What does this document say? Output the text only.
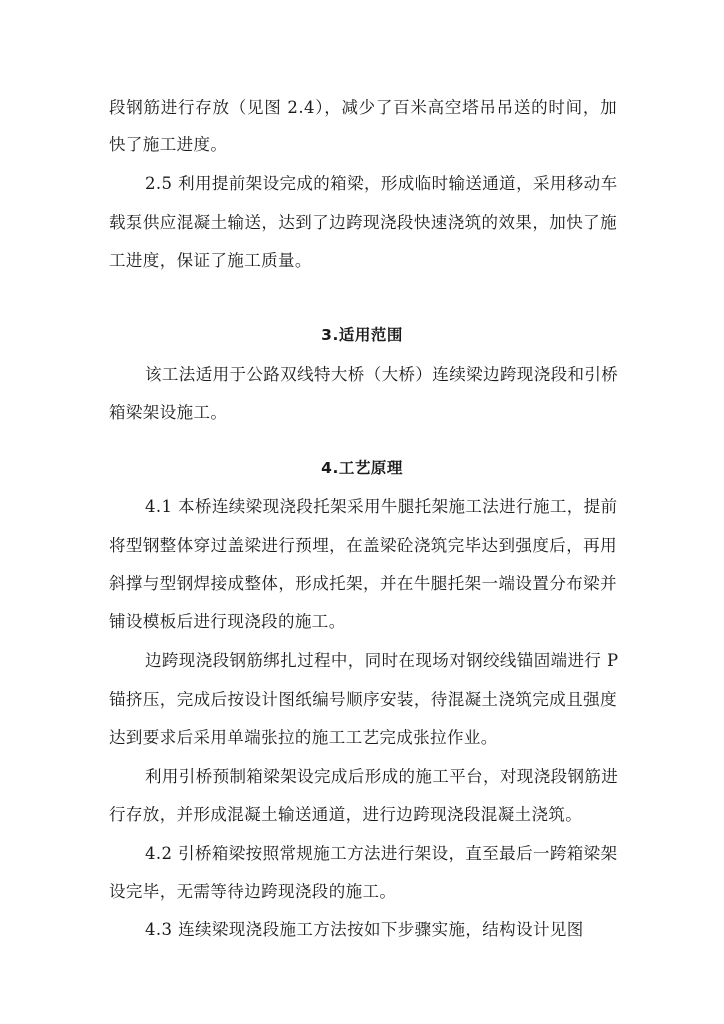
段钢筋进行存放（见图 2.4），减少了百米高空塔吊吊送的时间，加
快了施工进度。
2.5 利用提前架设完成的箱梁，形成临时输送通道，采用移动车
载泵供应混凝土输送，达到了边跨现浇段快速浇筑的效果，加快了施
工进度，保证了施工质量。
3.适用范围
该工法适用于公路双线特大桥（大桥）连续梁边跨现浇段和引桥
箱梁架设施工。
4.工艺原理
4.1 本桥连续梁现浇段托架采用牛腿托架施工法进行施工，提前
将型钢整体穿过盖梁进行预埋，在盖梁砼浇筑完毕达到强度后，再用
斜撑与型钢焊接成整体，形成托架，并在牛腿托架一端设置分布梁并
铺设模板后进行现浇段的施工。
边跨现浇段钢筋绑扎过程中，同时在现场对钢绞线锚固端进行 P
锚挤压，完成后按设计图纸编号顺序安装，待混凝土浇筑完成且强度
达到要求后采用单端张拉的施工工艺完成张拉作业。
利用引桥预制箱梁架设完成后形成的施工平台，对现浇段钢筋进
行存放，并形成混凝土输送通道，进行边跨现浇段混凝土浇筑。
4.2 引桥箱梁按照常规施工方法进行架设，直至最后一跨箱梁架
设完毕，无需等待边跨现浇段的施工。
4.3 连续梁现浇段施工方法按如下步骤实施，结构设计见图
